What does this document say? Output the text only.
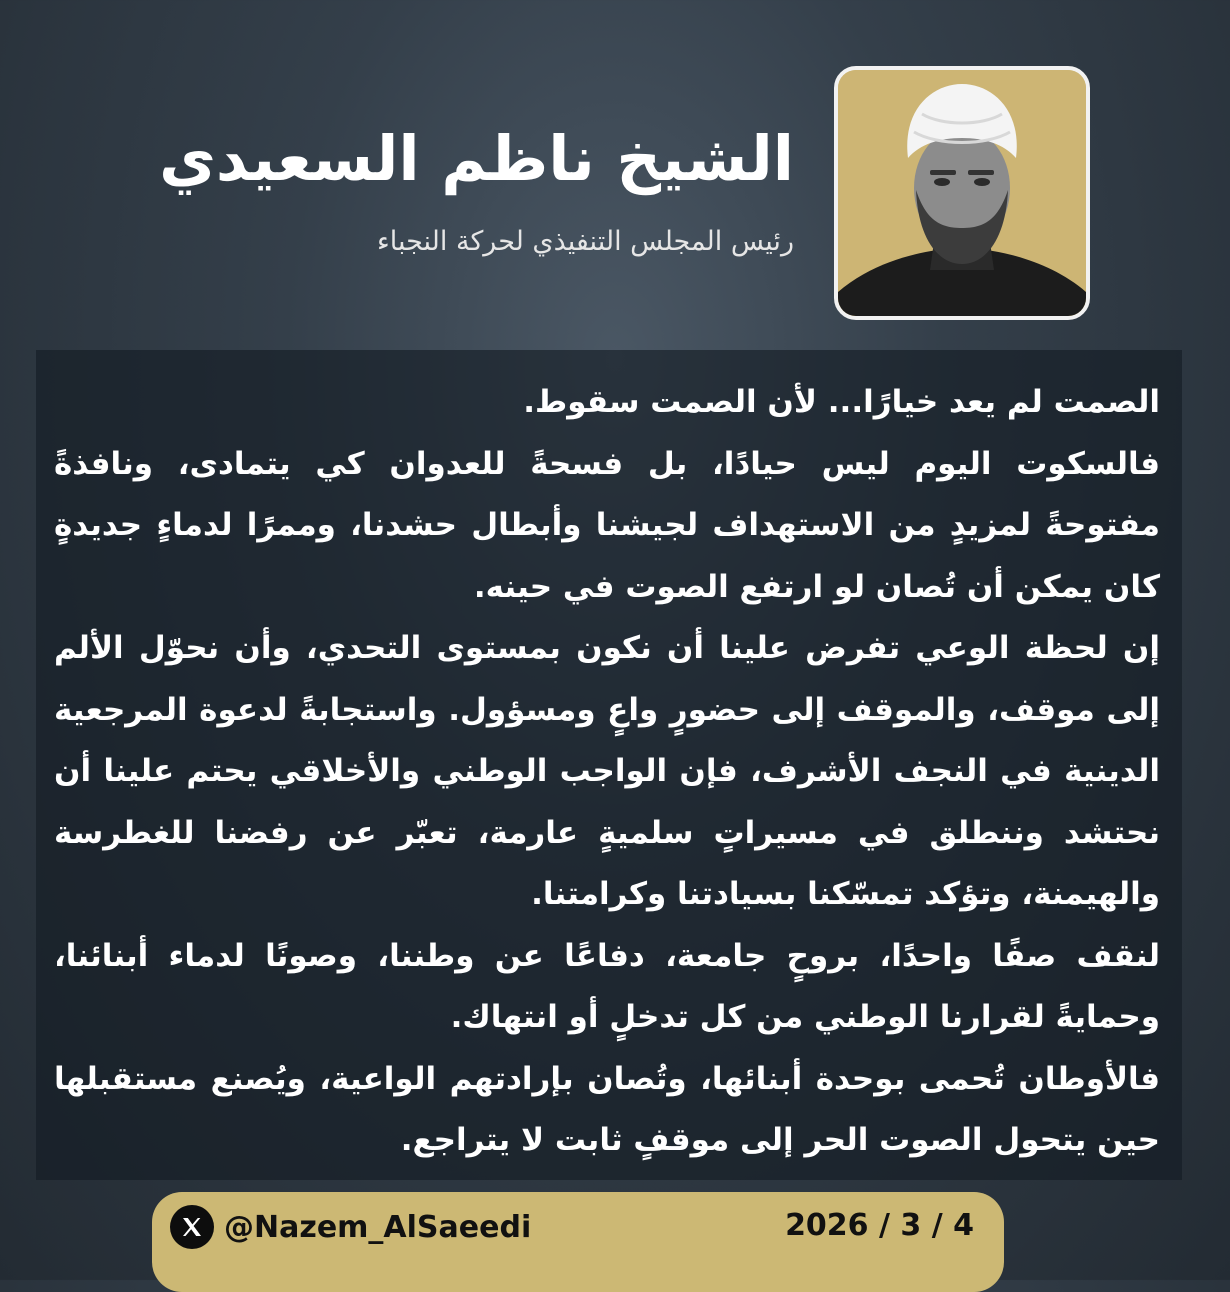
الشيخ ناظم السعيدي
رئيس المجلس التنفيذي لحركة النجباء

الصمت لم يعد خيارًا... لأن الصمت سقوط.

فالسكوت اليوم ليس حيادًا، بل فسحةً للعدوان كي يتمادى، ونافذةً مفتوحةً لمزيدٍ من الاستهداف لجيشنا وأبطال حشدنا، وممرًا لدماءٍ جديدةٍ كان يمكن أن تُصان لو ارتفع الصوت في حينه.

إن لحظة الوعي تفرض علينا أن نكون بمستوى التحدي، وأن نحوّل الألم إلى موقف، والموقف إلى حضورٍ واعٍ ومسؤول. واستجابةً لدعوة المرجعية الدينية في النجف الأشرف، فإن الواجب الوطني والأخلاقي يحتم علينا أن نحتشد وننطلق في مسيراتٍ سلميةٍ عارمة، تعبّر عن رفضنا للغطرسة والهيمنة، وتؤكد تمسّكنا بسيادتنا وكرامتنا.

لنقف صفًا واحدًا، بروحٍ جامعة، دفاعًا عن وطننا، وصونًا لدماء أبنائنا، وحمايةً لقرارنا الوطني من كل تدخلٍ أو انتهاك.

فالأوطان تُحمى بوحدة أبنائها، وتُصان بإرادتهم الواعية، ويُصنع مستقبلها حين يتحول الصوت الحر إلى موقفٍ ثابت لا يتراجع.

@Nazem_AlSaeedi	2026 / 3 / 4
